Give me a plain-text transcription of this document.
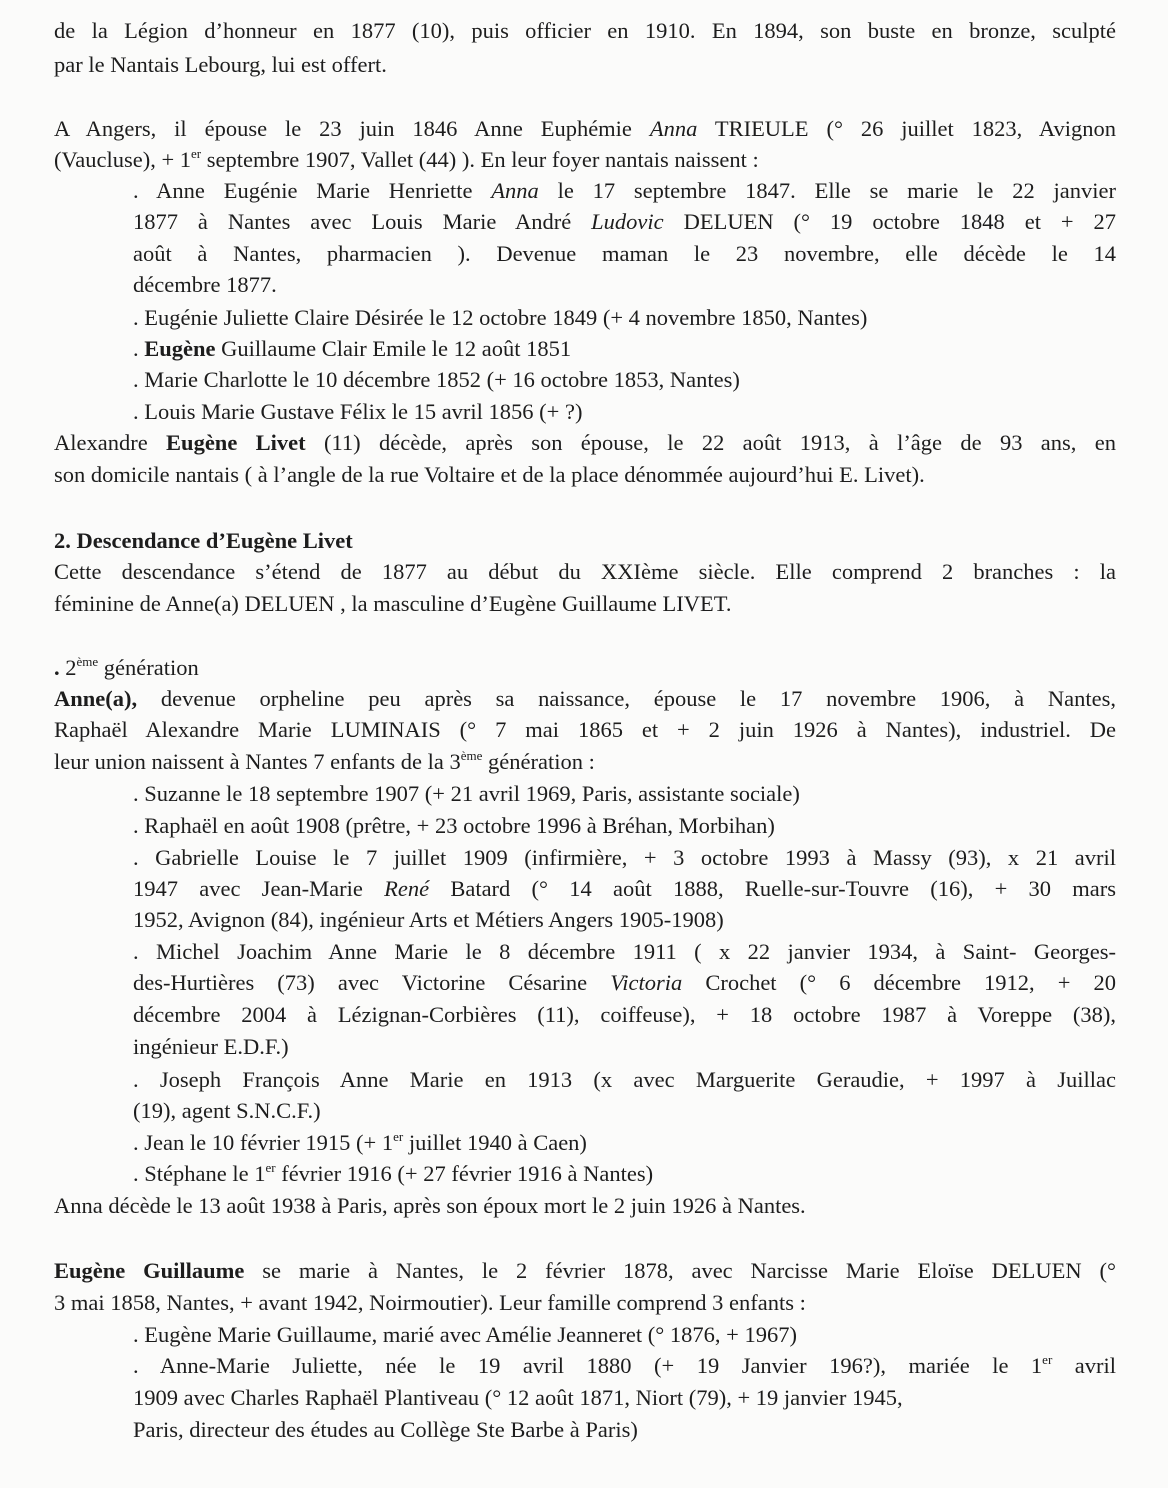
de la Légion d’honneur en 1877 (10), puis officier en 1910. En 1894, son buste en bronze, sculpté
par le Nantais Lebourg, lui est offert.
A Angers, il épouse le 23 juin 1846 Anne Euphémie Anna TRIEULE (° 26 juillet 1823, Avignon
(Vaucluse), + 1er septembre 1907, Vallet (44) ). En leur foyer nantais naissent :
. Anne Eugénie Marie Henriette Anna le 17 septembre 1847. Elle se marie le 22 janvier
1877 à Nantes avec Louis Marie André Ludovic DELUEN (° 19 octobre 1848 et + 27
août à Nantes, pharmacien ). Devenue maman le 23 novembre, elle décède le 14
décembre 1877.
. Eugénie Juliette Claire Désirée le 12 octobre 1849 (+ 4 novembre 1850, Nantes)
. Eugène Guillaume Clair Emile le 12 août 1851
. Marie Charlotte le 10 décembre 1852 (+ 16 octobre 1853, Nantes)
. Louis Marie Gustave Félix le 15 avril 1856 (+ ?)
Alexandre Eugène Livet (11) décède, après son épouse, le 22 août 1913, à l’âge de 93 ans, en
son domicile nantais ( à l’angle de la rue Voltaire et de la place dénommée aujourd’hui E. Livet).
2. Descendance d’Eugène Livet
Cette descendance s’étend de 1877 au début du XXIème siècle. Elle comprend 2 branches : la
féminine de Anne(a) DELUEN , la masculine d’Eugène Guillaume LIVET.
. 2ème génération
Anne(a), devenue orpheline peu après sa naissance, épouse le 17 novembre 1906, à Nantes,
Raphaël Alexandre Marie LUMINAIS (° 7 mai 1865 et + 2 juin 1926 à Nantes), industriel. De
leur union naissent à Nantes 7 enfants de la 3ème génération :
. Suzanne le 18 septembre 1907 (+ 21 avril 1969, Paris, assistante sociale)
. Raphaël en août 1908 (prêtre, + 23 octobre 1996 à Bréhan, Morbihan)
. Gabrielle Louise le 7 juillet 1909 (infirmière, + 3 octobre 1993 à Massy (93), x 21 avril
1947 avec Jean-Marie René Batard (° 14 août 1888, Ruelle-sur-Touvre (16), + 30 mars
1952, Avignon (84), ingénieur Arts et Métiers Angers 1905-1908)
. Michel Joachim Anne Marie le 8 décembre 1911 ( x 22 janvier 1934, à Saint- Georges-
des-Hurtières (73) avec Victorine Césarine Victoria Crochet (° 6 décembre 1912, + 20
décembre 2004 à Lézignan-Corbières (11), coiffeuse), + 18 octobre 1987 à Voreppe (38),
ingénieur E.D.F.)
. Joseph François Anne Marie en 1913 (x avec Marguerite Geraudie, + 1997 à Juillac
(19), agent S.N.C.F.)
. Jean le 10 février 1915 (+ 1er juillet 1940 à Caen)
. Stéphane le 1er février 1916 (+ 27 février 1916 à Nantes)
Anna décède le 13 août 1938 à Paris, après son époux mort le 2 juin 1926 à Nantes.
Eugène Guillaume se marie à Nantes, le 2 février 1878, avec Narcisse Marie Eloïse DELUEN (°
3 mai 1858, Nantes, + avant 1942, Noirmoutier). Leur famille comprend 3 enfants :
. Eugène Marie Guillaume, marié avec Amélie Jeanneret (° 1876, + 1967)
. Anne-Marie Juliette, née le 19 avril 1880 (+ 19 Janvier 196?), mariée le 1er avril
1909 avec Charles Raphaël Plantiveau (° 12 août 1871, Niort (79), + 19 janvier 1945,
Paris, directeur des études au Collège Ste Barbe à Paris)
